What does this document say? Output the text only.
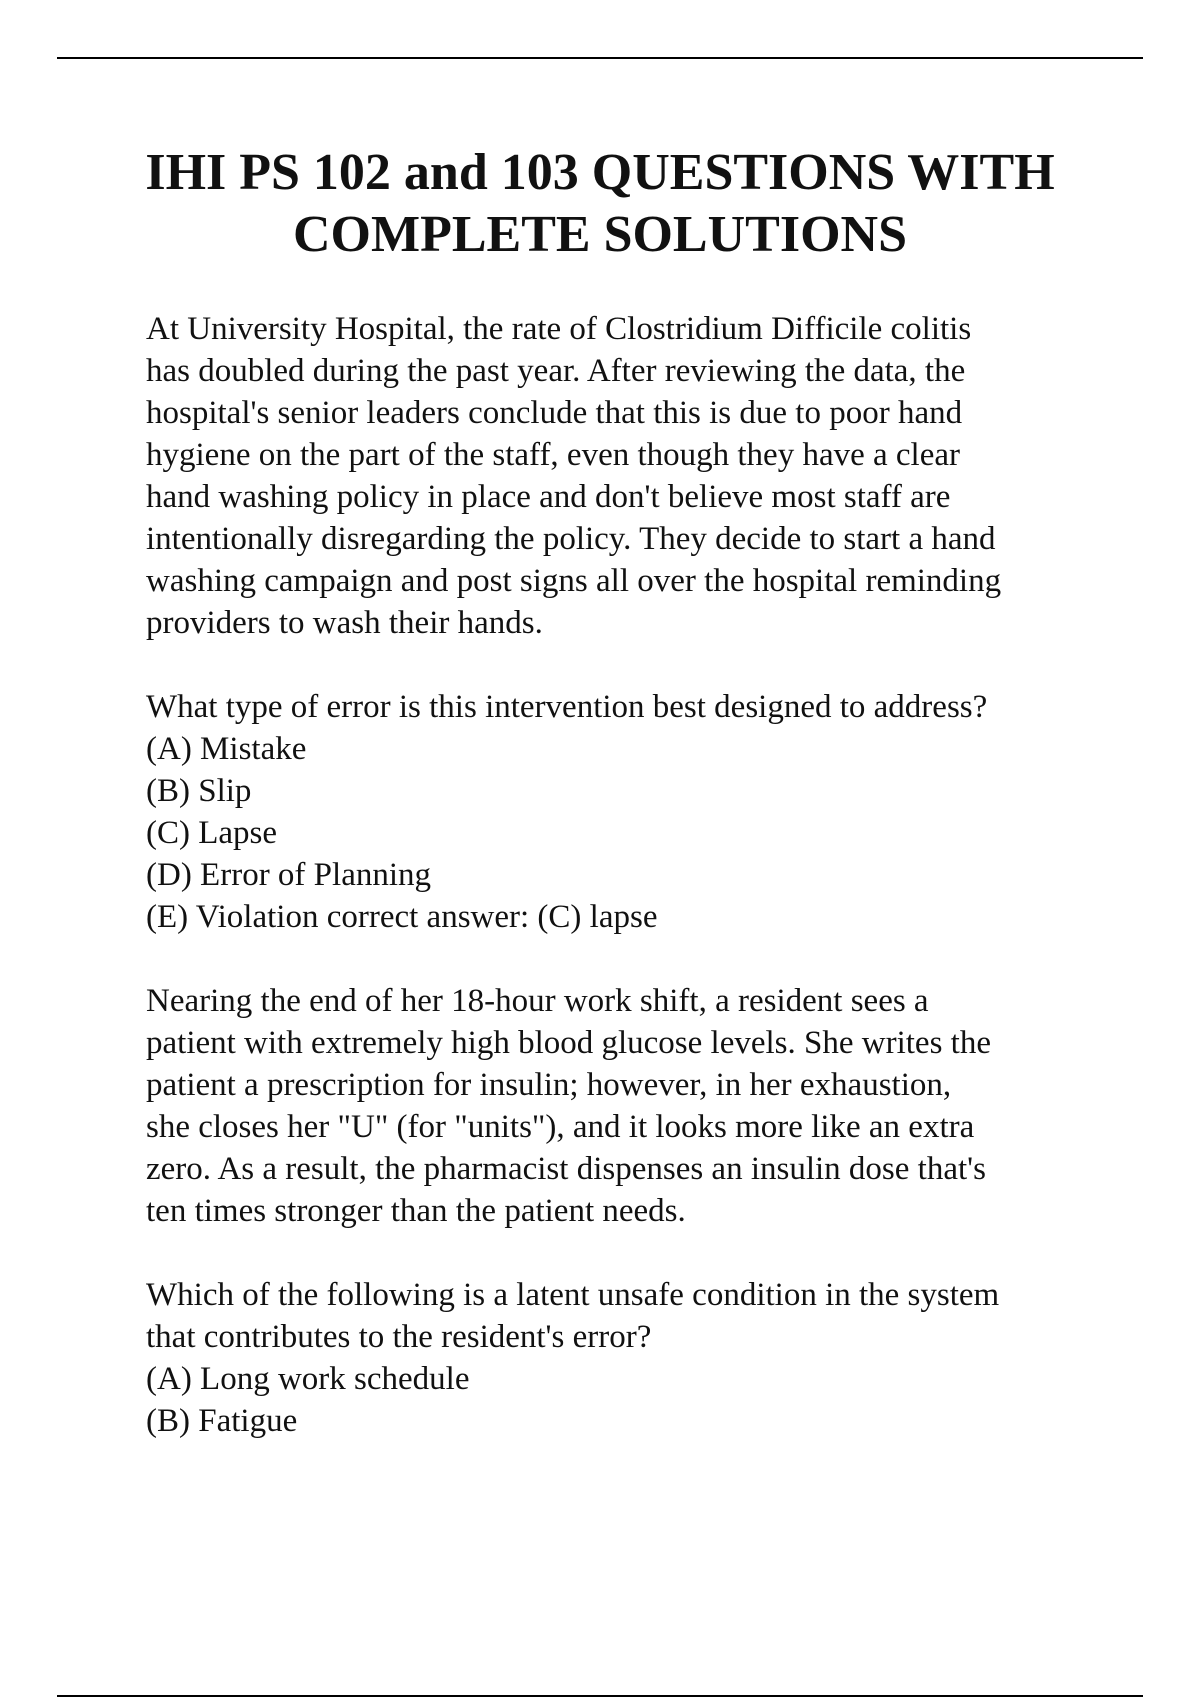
IHI PS 102 and 103 QUESTIONS WITH
COMPLETE SOLUTIONS

At University Hospital, the rate of Clostridium Difficile colitis
has doubled during the past year. After reviewing the data, the
hospital's senior leaders conclude that this is due to poor hand
hygiene on the part of the staff, even though they have a clear
hand washing policy in place and don't believe most staff are
intentionally disregarding the policy. They decide to start a hand
washing campaign and post signs all over the hospital reminding
providers to wash their hands.

What type of error is this intervention best designed to address?

(A) Mistake
(B) Slip
(C) Lapse
(D) Error of Planning
(E) Violation correct answer: (C) lapse

Nearing the end of her 18-hour work shift, a resident sees a
patient with extremely high blood glucose levels. She writes the
patient a prescription for insulin; however, in her exhaustion,
she closes her "U" (for "units"), and it looks more like an extra
zero. As a result, the pharmacist dispenses an insulin dose that's
ten times stronger than the patient needs.

Which of the following is a latent unsafe condition in the system
that contributes to the resident's error?

(A) Long work schedule
(B) Fatigue
